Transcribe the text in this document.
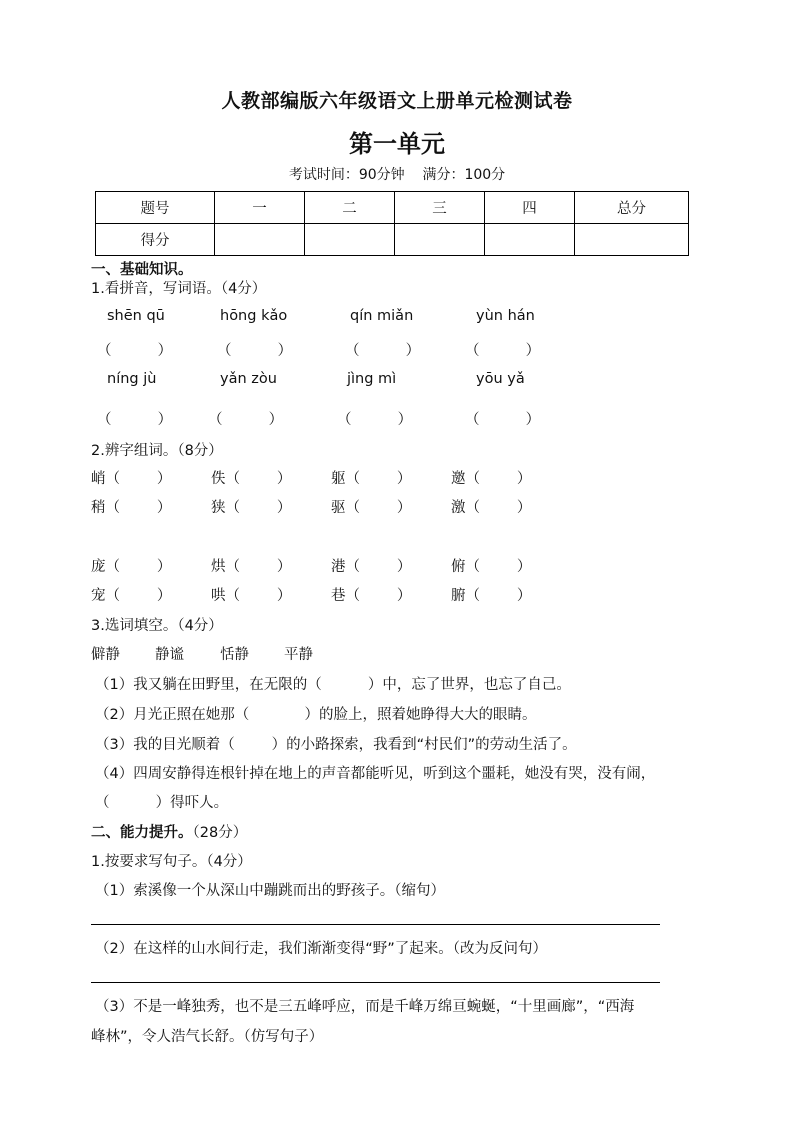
人教部编版六年级语文上册单元检测试卷
第一单元
考试时间：90分钟    满分：100分
题号	一	二	三	四	总分
得分					
一、基础知识。
1.看拼音，写词语。（4分）
shēn qū	hōng kǎo	qín miǎn	yùn hán
（          ）	（          ）	（          ）	（          ）
níng jù	yǎn zòu	jìng mì	yōu yǎ
（          ） （          ）	（          ）	（          ）
2.辨字组词。（8分）
峭（        ）	佚（        ）	躯（        ）	邀（        ）
稍（        ）	狭（        ）	驱（        ）	激（        ）
庞（        ）	烘（        ）	港（        ）	俯（        ）
宠（        ）	哄（        ）	巷（        ）	腑（        ）
3.选词填空。（4分）
僻静 静谧 恬静 平静
（1）我又躺在田野里，在无限的（          ）中，忘了世界，也忘了自己。
（2）月光正照在她那（            ）的脸上，照着她睁得大大的眼睛。
（3）我的目光顺着（        ）的小路探索，我看到“村民们”的劳动生活了。
（4）四周安静得连根针掉在地上的声音都能听见，听到这个噩耗，她没有哭，没有闹，
（          ）得吓人。
二、能力提升。（28分）
1.按要求写句子。（4分）
（1）索溪像一个从深山中蹦跳而出的野孩子。（缩句）
（2）在这样的山水间行走，我们渐渐变得“野”了起来。（改为反问句）
（3）不是一峰独秀，也不是三五峰呼应，而是千峰万绵亘蜿蜒，“十里画廊”，“西海
峰林”，令人浩气长舒。（仿写句子）
